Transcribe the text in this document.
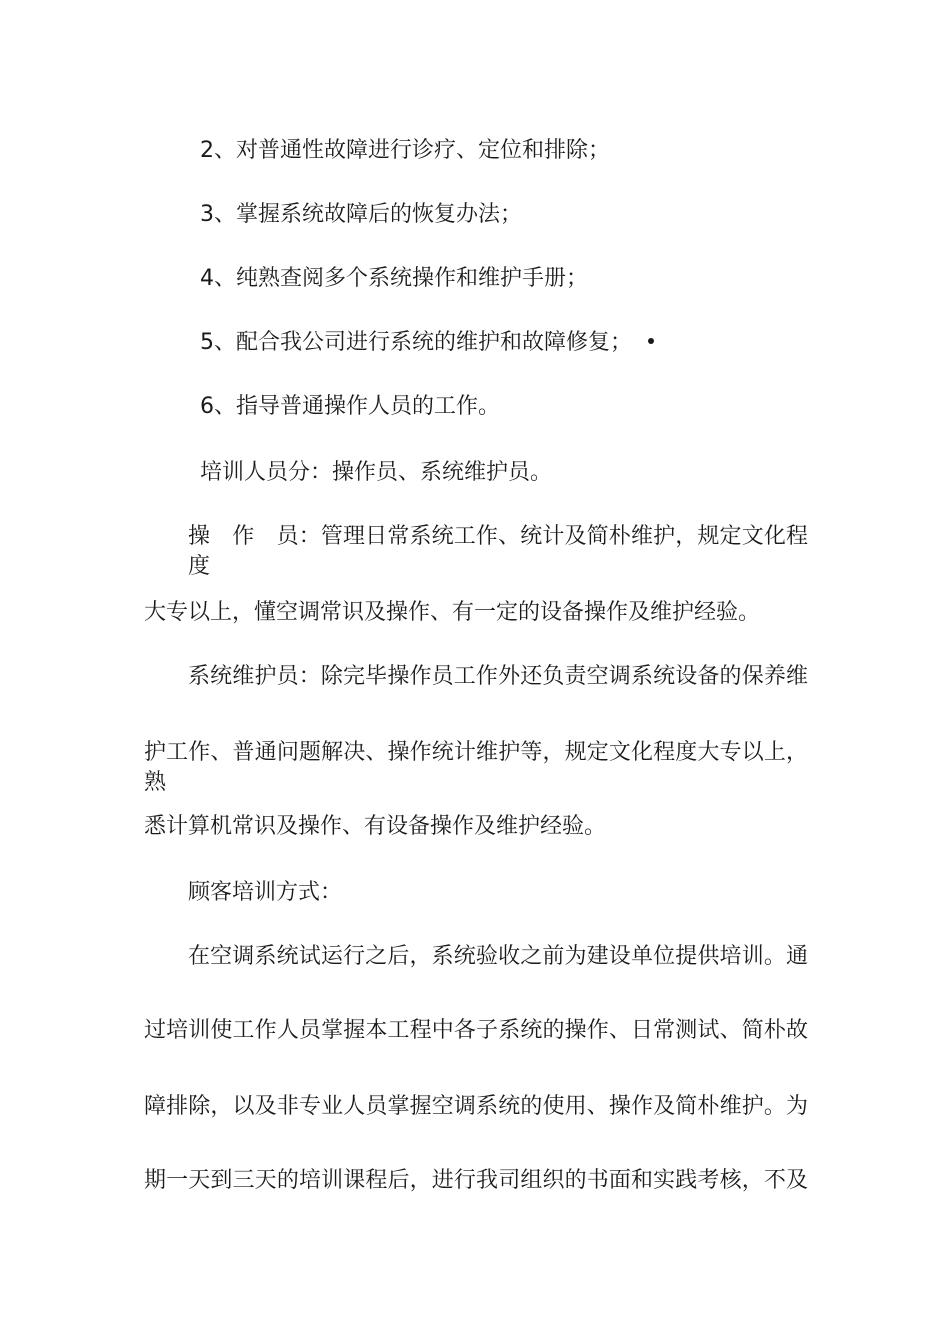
2、对普通性故障进行诊疗、定位和排除；
3、掌握系统故障后的恢复办法；
4、纯熟查阅多个系统操作和维护手册；
5、配合我公司进行系统的维护和故障修复；
6、指导普通操作人员的工作。
培训人员分：操作员、系统维护员。
操　作　员：管理日常系统工作、统计及简朴维护，规定文化程度
大专以上，懂空调常识及操作、有一定的设备操作及维护经验。
系统维护员：除完毕操作员工作外还负责空调系统设备的保养维
护工作、普通问题解决、操作统计维护等，规定文化程度大专以上，熟
悉计算机常识及操作、有设备操作及维护经验。
顾客培训方式：
在空调系统试运行之后，系统验收之前为建设单位提供培训。通
过培训使工作人员掌握本工程中各子系统的操作、日常测试、简朴故
障排除，以及非专业人员掌握空调系统的使用、操作及简朴维护。为
期一天到三天的培训课程后，进行我司组织的书面和实践考核，不及
